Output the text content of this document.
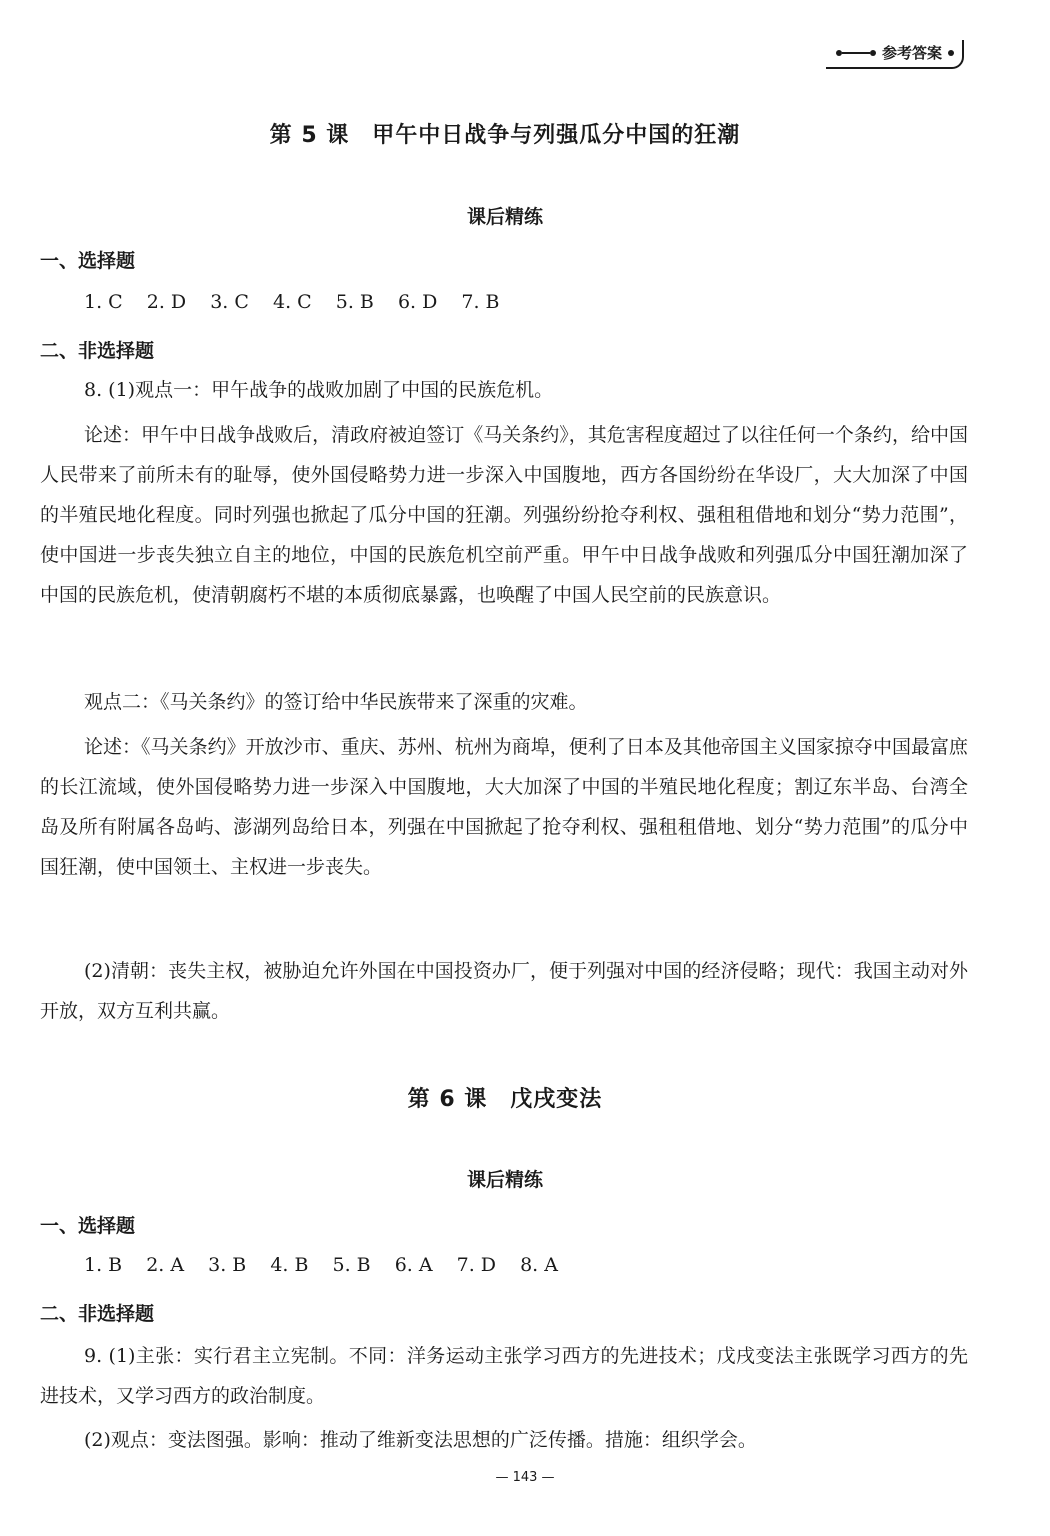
参考答案
第 5 课　甲午中日战争与列强瓜分中国的狂潮
课后精练
一、选择题
1. C 2. D 3. C 4. C 5. B 6. D 7. B
二、非选择题
8. (1)观点一：甲午战争的战败加剧了中国的民族危机。
论述：甲午中日战争战败后，清政府被迫签订《马关条约》，其危害程度超过了以往任何一个条约，给中国人民带来了前所未有的耻辱，使外国侵略势力进一步深入中国腹地，西方各国纷纷在华设厂，大大加深了中国的半殖民地化程度。同时列强也掀起了瓜分中国的狂潮。列强纷纷抢夺利权、强租租借地和划分“势力范围”，使中国进一步丧失独立自主的地位，中国的民族危机空前严重。甲午中日战争战败和列强瓜分中国狂潮加深了中国的民族危机，使清朝腐朽不堪的本质彻底暴露，也唤醒了中国人民空前的民族意识。
观点二：《马关条约》的签订给中华民族带来了深重的灾难。
论述：《马关条约》开放沙市、重庆、苏州、杭州为商埠，便利了日本及其他帝国主义国家掠夺中国最富庶的长江流域，使外国侵略势力进一步深入中国腹地，大大加深了中国的半殖民地化程度；割辽东半岛、台湾全岛及所有附属各岛屿、澎湖列岛给日本，列强在中国掀起了抢夺利权、强租租借地、划分“势力范围”的瓜分中国狂潮，使中国领土、主权进一步丧失。
(2)清朝：丧失主权，被胁迫允许外国在中国投资办厂，便于列强对中国的经济侵略；现代：我国主动对外开放，双方互利共赢。
第 6 课　戊戌变法
课后精练
一、选择题
1. B 2. A 3. B 4. B 5. B 6. A 7. D 8. A
二、非选择题
9. (1)主张：实行君主立宪制。不同：洋务运动主张学习西方的先进技术；戊戌变法主张既学习西方的先进技术，又学习西方的政治制度。
(2)观点：变法图强。影响：推动了维新变法思想的广泛传播。措施：组织学会。
— 143 —
